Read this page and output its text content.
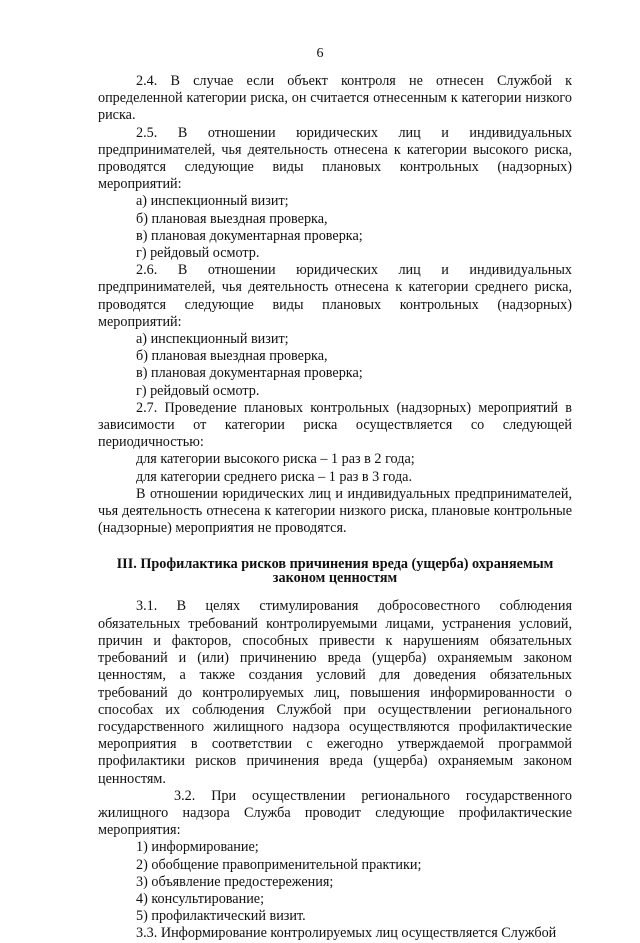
6

2.4. В случае если объект контроля не отнесен Службой к определенной категории риска, он считается отнесенным к категории низкого риска.

2.5. В отношении юридических лиц и индивидуальных предпринимателей, чья деятельность отнесена к категории высокого риска, проводятся следующие виды плановых контрольных (надзорных) мероприятий:

а) инспекционный визит;

б) плановая выездная проверка,

в) плановая документарная проверка;

г) рейдовый осмотр.

2.6. В отношении юридических лиц и индивидуальных предпринимателей, чья деятельность отнесена к категории среднего риска, проводятся следующие виды плановых контрольных (надзорных) мероприятий:

а) инспекционный визит;

б) плановая выездная проверка,

в) плановая документарная проверка;

г) рейдовый осмотр.

2.7. Проведение плановых контрольных (надзорных) мероприятий в зависимости от категории риска осуществляется со следующей периодичностью:

для категории высокого риска – 1 раз в 2 года;

для категории среднего риска – 1 раз в 3 года.

В отношении юридических лиц и индивидуальных предпринимателей, чья деятельность отнесена к категории низкого риска, плановые контрольные (надзорные) мероприятия не проводятся.

III. Профилактика рисков причинения вреда (ущерба) охраняемым
законом ценностям

3.1. В целях стимулирования добросовестного соблюдения обязательных требований контролируемыми лицами, устранения условий, причин и факторов, способных привести к нарушениям обязательных требований и (или) причинению вреда (ущерба) охраняемым законом ценностям, а также создания условий для доведения обязательных требований до контролируемых лиц, повышения информированности о способах их соблюдения Службой при осуществлении регионального государственного жилищного надзора осуществляются профилактические мероприятия в соответствии с ежегодно утверждаемой программой профилактики рисков причинения вреда (ущерба) охраняемым законом ценностям.

3.2. При осуществлении регионального государственного жилищного надзора Служба проводит следующие профилактические мероприятия:

1) информирование;

2) обобщение правоприменительной практики;

3) объявление предостережения;

4) консультирование;

5) профилактический визит.

3.3. Информирование контролируемых лиц осуществляется Службой
